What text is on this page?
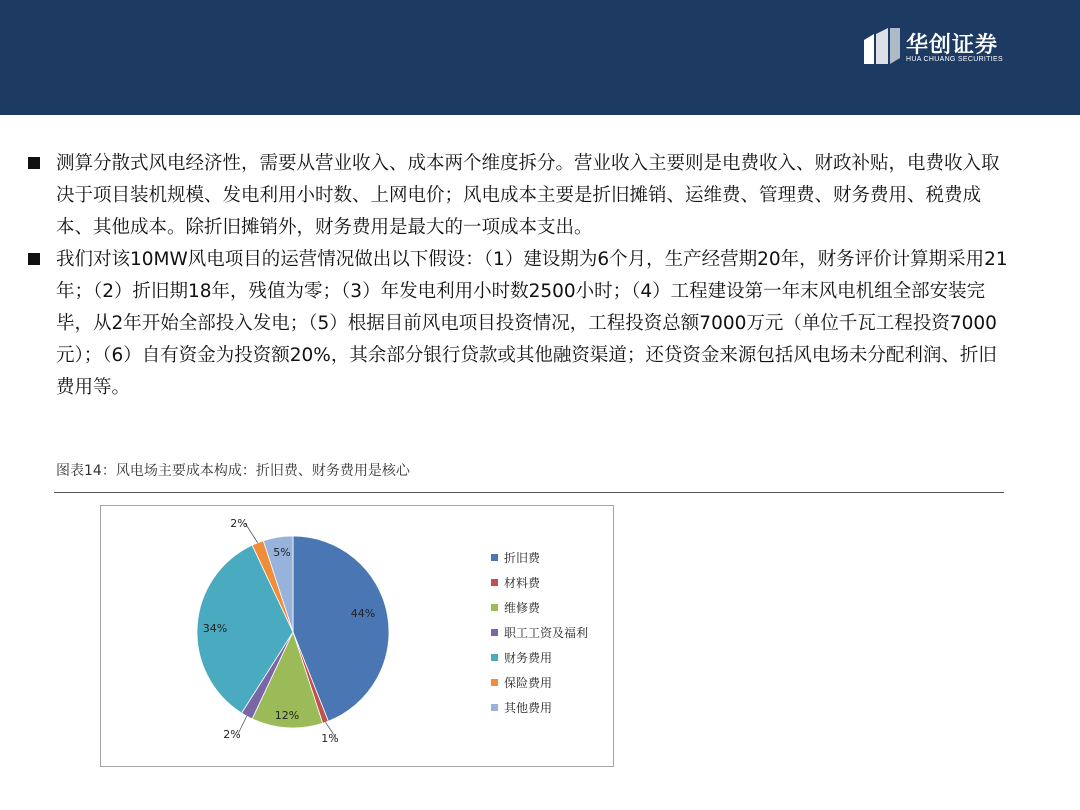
华创证券
HUA CHUANG SECURITIES

测算分散式风电经济性，需要从营业收入、成本两个维度拆分。营业收入主要则是电费收入、财政补贴，电费收入取决于项目装机规模、发电利用小时数、上网电价；风电成本主要是折旧摊销、运维费、管理费、财务费用、税费成本、其他成本。除折旧摊销外，财务费用是最大的一项成本支出。

我们对该10MW风电项目的运营情况做出以下假设：（1）建设期为6个月，生产经营期20年，财务评价计算期采用21年；（2）折旧期18年，残值为零；（3）年发电利用小时数2500小时；（4）工程建设第一年末风电机组全部安装完毕，从2年开始全部投入发电；（5）根据目前风电项目投资情况，工程投资总额7000万元（单位千瓦工程投资7000元）；（6）自有资金为投资额20%，其余部分银行贷款或其他融资渠道；还贷资金来源包括风电场未分配利润、折旧费用等。

图表14：风电场主要成本构成：折旧费、财务费用是核心
44%
1%
12%
2%
34%
2%
5%	折旧费
材料费
维修费
职工工资及福利
财务费用
保险费用
其他费用
